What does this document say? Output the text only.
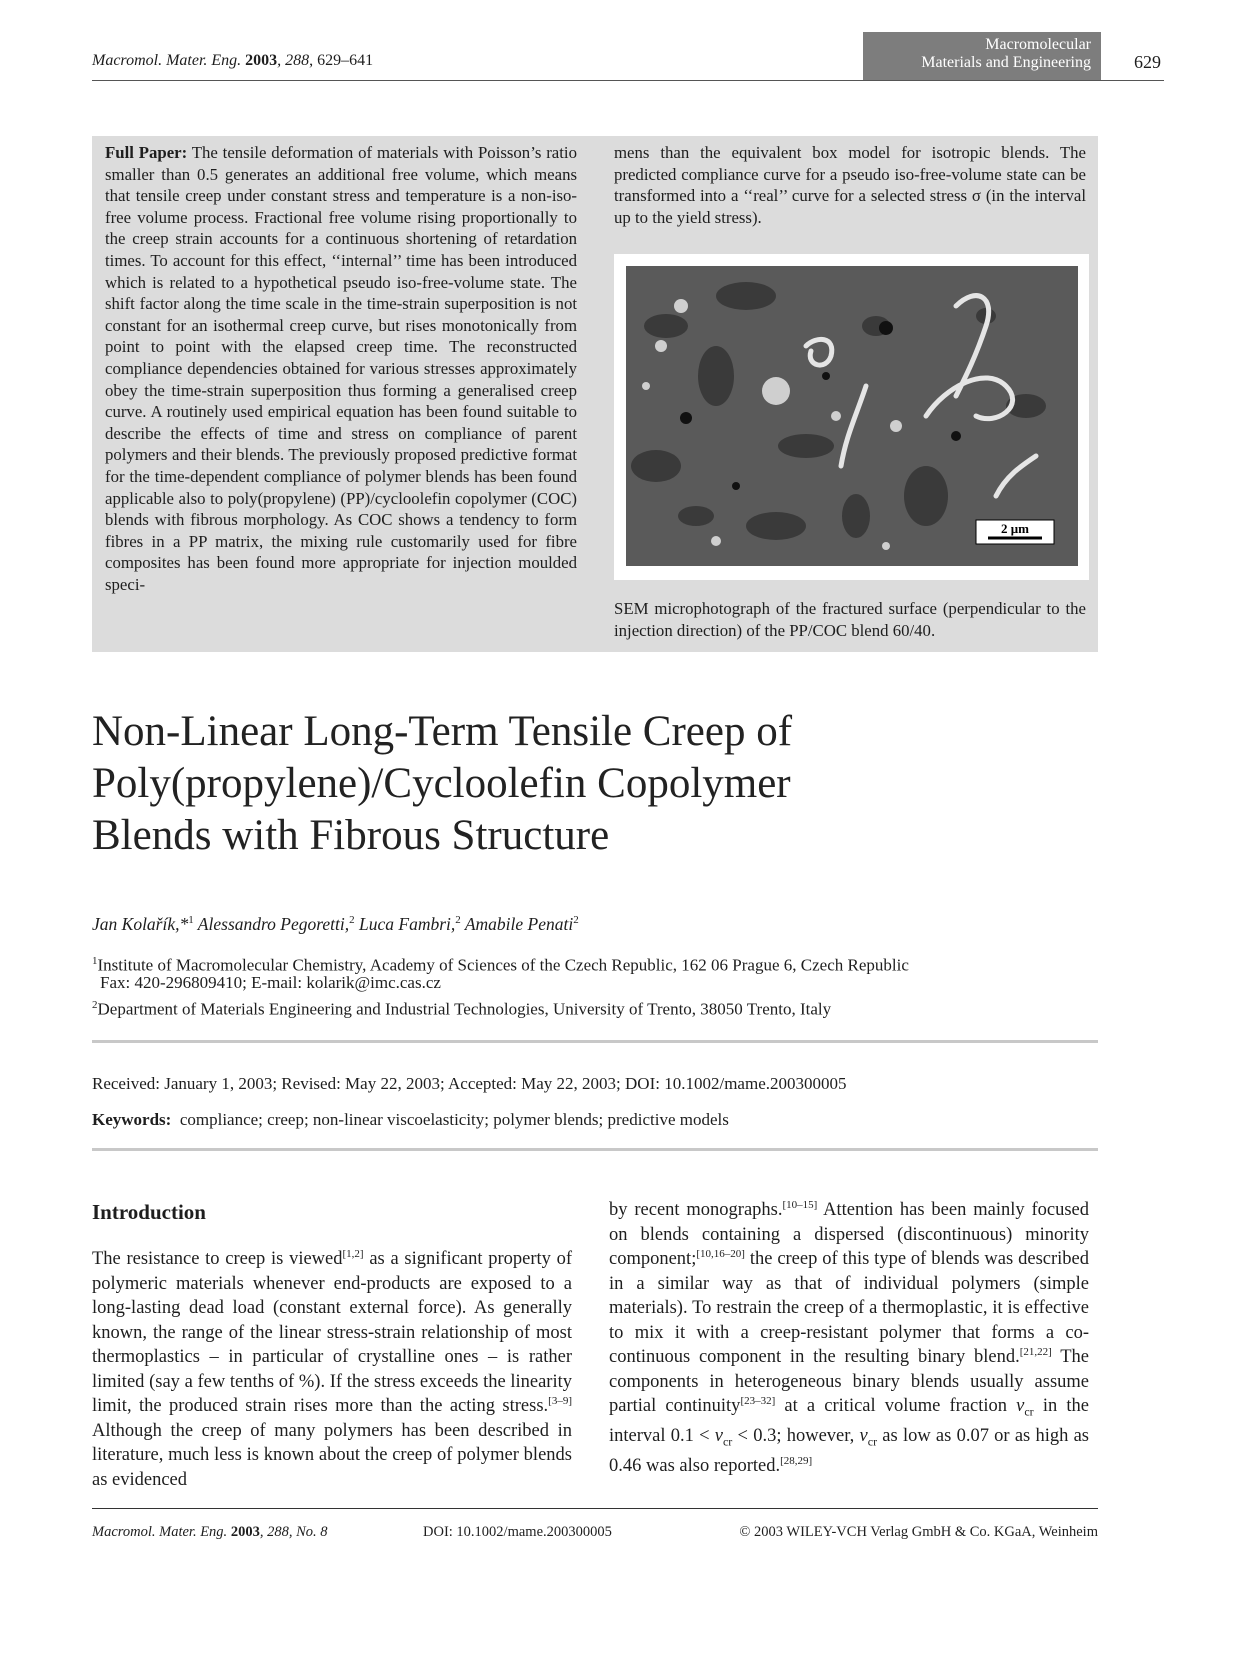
Macromol. Mater. Eng. 2003, 288, 629–641
Macromolecular
Materials and Engineering 629
Full Paper: The tensile deformation of materials with Poisson’s ratio smaller than 0.5 generates an additional free volume, which means that tensile creep under constant stress and temperature is a non-iso-free volume process. Fractional free volume rising proportionally to the creep strain accounts for a continuous shortening of retardation times. To account for this effect, ‘‘internal’’ time has been introduced which is related to a hypothetical pseudo iso-free-volume state. The shift factor along the time scale in the time-strain superposition is not constant for an isothermal creep curve, but rises monotonically from point to point with the elapsed creep time. The reconstructed compliance dependencies obtained for various stresses approximately obey the time-strain superposition thus forming a generalised creep curve. A routinely used empirical equation has been found suitable to describe the effects of time and stress on compliance of parent polymers and their blends. The previously proposed predictive format for the time-dependent compliance of polymer blends has been found applicable also to poly(propylene) (PP)/cycloolefin copolymer (COC) blends with fibrous morphology. As COC shows a tendency to form fibres in a PP matrix, the mixing rule customarily used for fibre composites has been found more appropriate for injection moulded speci-
mens than the equivalent box model for isotropic blends. The predicted compliance curve for a pseudo iso-free-volume state can be transformed into a ‘‘real’’ curve for a selected stress σ (in the interval up to the yield stress).
2 μm
SEM microphotograph of the fractured surface (perpendicular to the injection direction) of the PP/COC blend 60/40.
Non-Linear Long-Term Tensile Creep of
Poly(propylene)/Cycloolefin Copolymer
Blends with Fibrous Structure
Jan Kolařík,*$^1$ Alessandro Pegoretti,$^2$ Luca Fambri,$^2$ Amabile Penati$^2$
$^1$Institute of Macromolecular Chemistry, Academy of Sciences of the Czech Republic, 162 06 Prague 6, Czech Republic
Fax: 420-296809410; E-mail: kolarik@imc.cas.cz
$^2$Department of Materials Engineering and Industrial Technologies, University of Trento, 38050 Trento, Italy
Received: January 1, 2003; Revised: May 22, 2003; Accepted: May 22, 2003; DOI: 10.1002/mame.200300005
Keywords: compliance; creep; non-linear viscoelasticity; polymer blends; predictive models
Introduction
The resistance to creep is viewed[1,2] as a significant property of polymeric materials whenever end-products are exposed to a long-lasting dead load (constant external force). As generally known, the range of the linear stress-strain relationship of most thermoplastics – in particular of crystalline ones – is rather limited (say a few tenths of %). If the stress exceeds the linearity limit, the produced strain rises more than the acting stress.[3–9] Although the creep of many polymers has been described in literature, much less is known about the creep of polymer blends as evidenced
by recent monographs.[10–15] Attention has been mainly focused on blends containing a dispersed (discontinuous) minority component;[10,16–20] the creep of this type of blends was described in a similar way as that of individual polymers (simple materials). To restrain the creep of a thermoplastic, it is effective to mix it with a creep-resistant polymer that forms a co-continuous component in the resulting binary blend.[21,22] The components in heterogeneous binary blends usually assume partial continuity[23–32] at a critical volume fraction $v_{cr}$ in the interval $0.1 < v_{cr} < 0.3$; however, $v_{cr}$ as low as 0.07 or as high as 0.46 was also reported.[28,29]
Macromol. Mater. Eng. 2003, 288, No. 8	DOI: 10.1002/mame.200300005	© 2003 WILEY-VCH Verlag GmbH & Co. KGaA, Weinheim
